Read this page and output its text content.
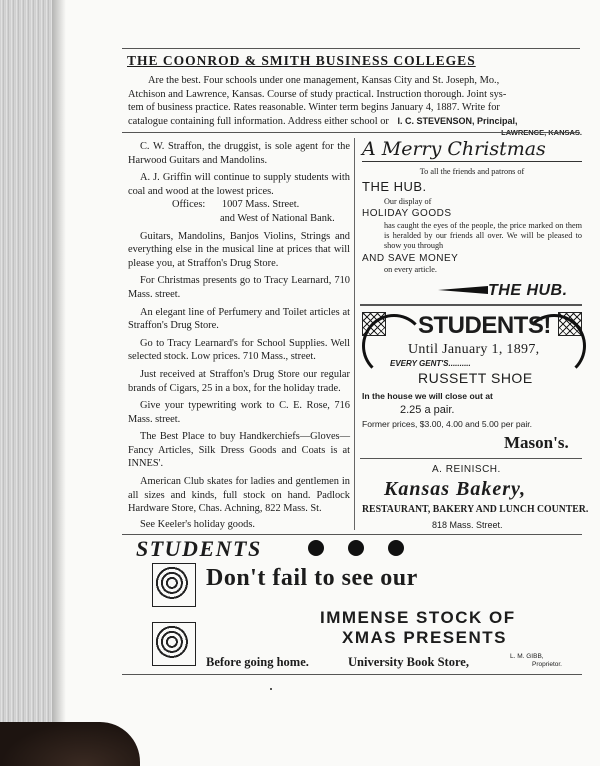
THE COONROD & SMITH BUSINESS COLLEGES
Are the best. Four schools under one management, Kansas City and St. Joseph, Mo.,
Atchison and Lawrence, Kansas. Course of study practical. Instruction thorough. Joint sys-
tem of business practice. Rates reasonable. Winter term begins January 4, 1887. Write for
catalogue containing full information. Address either school or I. C. STEVENSON, Principal,
LAWRENCE, KANSAS.
C. W. Straffon, the druggist, is sole agent for the Harwood Guitars and Mandolins.
A. J. Griffin will continue to supply students with coal and wood at the lowest prices.
Offices: 1007 Mass. Street.
and West of National Bank.
Guitars, Mandolins, Banjos Violins, Strings and everything else in the musical line at prices that will please you, at Straffon's Drug Store.
For Christmas presents go to Tracy Learnard, 710 Mass. street.
An elegant line of Perfumery and Toilet articles at Straffon's Drug Store.
Go to Tracy Learnard's for School Supplies. Well selected stock. Low prices. 710 Mass., street.
Just received at Straffon's Drug Store our regular brands of Cigars, 25 in a box, for the holiday trade.
Give your typewriting work to C. E. Rose, 716 Mass. street.
The Best Place to buy Handkerchiefs—Gloves—Fancy Articles, Silk Dress Goods and Coats is at INNES'.
American Club skates for ladies and gentlemen in all sizes and kinds, full stock on hand. Padlock Hardware Store, Chas. Achning, 822 Mass. St.
See Keeler's holiday goods.
A Merry Christmas
To all the friends and patrons of
THE HUB.
Our display of
HOLIDAY GOODS
has caught the eyes of the people, the price marked on them is heralded by our friends all over. We will be pleased to show you through
AND SAVE MONEY
on every article.
THE HUB.
STUDENTS!
Until January 1, 1897,
EVERY GENT'S..........
RUSSETT SHOE
In the house we will close out at
2.25 a pair.
Former prices, $3.00, 4.00 and 5.00 per pair.
Mason's.
A. REINISCH.
Kansas Bakery,
RESTAURANT, BAKERY AND LUNCH COUNTER.
818 Mass. Street.
STUDENTS
Don't fail to see our
IMMENSE STOCK OF
XMAS PRESENTS
Before going home.	University Book Store,	L. M. GIBB,
Proprietor.
